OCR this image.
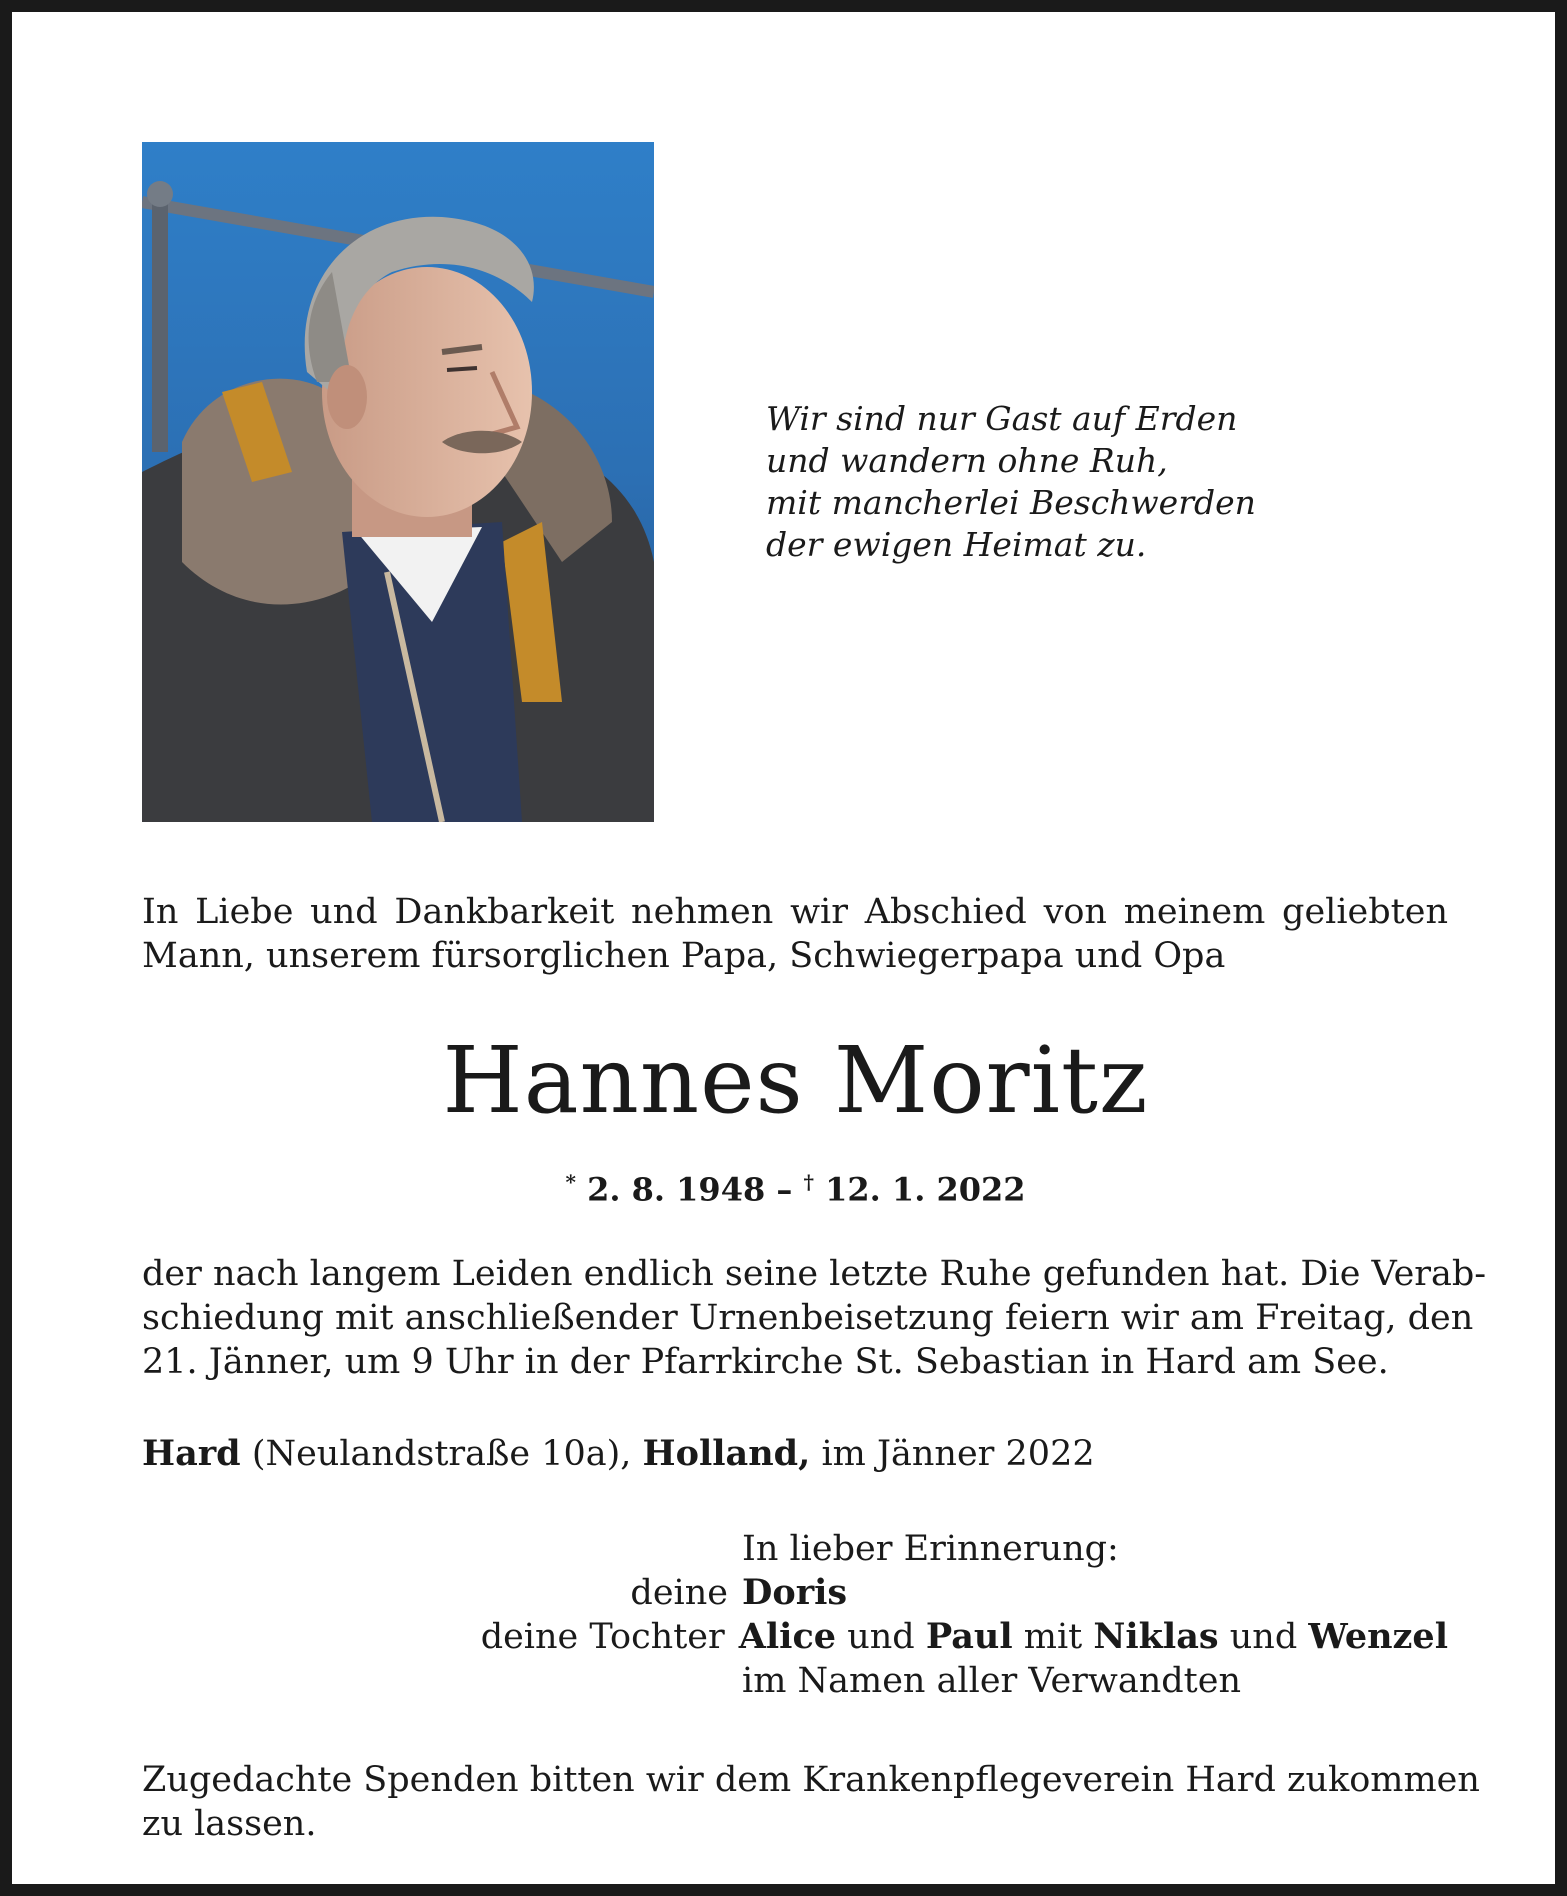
Wir sind nur Gast auf Erden
und wandern ohne Ruh,
mit mancherlei Beschwerden
der ewigen Heimat zu.
In Liebe und Dankbarkeit nehmen wir Abschied von meinem geliebten
Mann, unserem fürsorglichen Papa, Schwiegerpapa und Opa
Hannes Moritz
* 2. 8. 1948 – † 12. 1. 2022
der nach langem Leiden endlich seine letzte Ruhe gefunden hat. Die Verab-
schiedung mit anschließender Urnenbeisetzung feiern wir am Freitag, den
21. Jänner, um 9 Uhr in der Pfarrkirche St. Sebastian in Hard am See.
Hard (Neulandstraße 10a), Holland, im Jänner 2022
In lieber Erinnerung:
deine Doris
deine Tochter Alice und Paul mit Niklas und Wenzel
im Namen aller Verwandten
Zugedachte Spenden bitten wir dem Krankenpflegeverein Hard zukommen
zu lassen.
